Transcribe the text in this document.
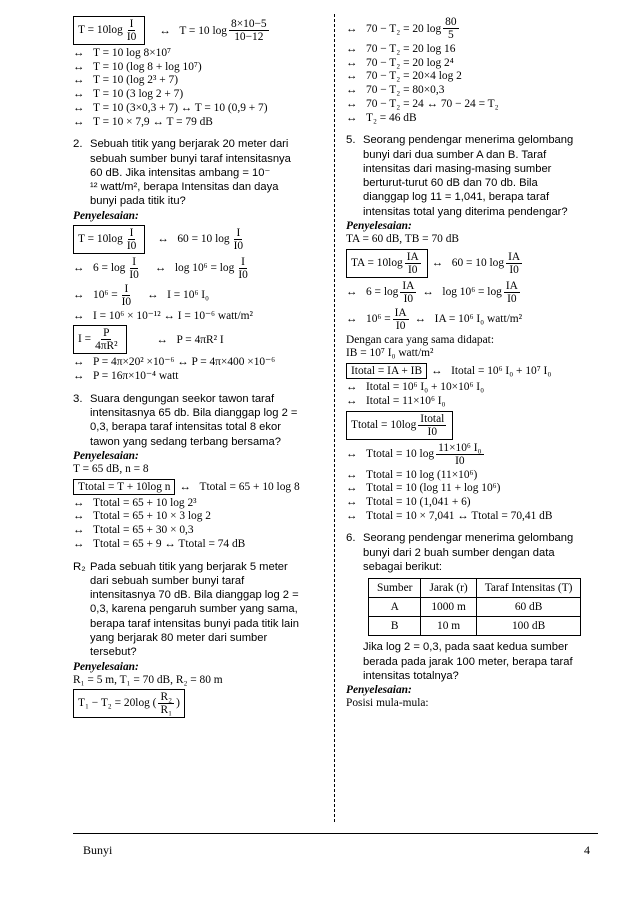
$T = 10\log \frac{I}{I0}$ ↔ T = 10 log
8×10−5
10−12
↔ T = 10 log 8×10⁷
↔ T = 10 (log 8 + log 10⁷)
↔ T = 10 (log 2³ + 7)
↔ T = 10 (3 log 2 + 7)
↔ T = 10 (3×0,3 + 7) ↔ T = 10 (0,9 + 7)
↔ T = 10 × 7,9 ↔ T = 79 dB
2. Sebuah titik yang berjarak 20 meter dari
sebuah sumber bunyi taraf intensitasnya
60 dB. Jika intensitas ambang = 10⁻
¹² watt/m², berapa Intensitas dan daya
bunyi pada titik itu?
Penyelesaian:
$T = 10\log \frac{I}{I0}$ ↔ 60 = 10 log
I
I0
↔ 6 = log
I
I0
↔ log 10⁶ = log
I
I0
↔ $10^6 = \frac{I}{I0}$ ↔ I = 10⁶ I₀
↔ I = 10⁶ × 10⁻¹² ↔ I = 10⁻⁶ watt/m²
$I = \frac{P}{\text{4πR²}}$	↔ P = 4πR² I
↔ P = 4π×20² ×10⁻⁶ ↔ P = 4π×400 ×10⁻⁶
↔ P = 16π×10⁻⁴ watt
3. Suara dengungan seekor tawon taraf
intensitasnya 65 db. Bila dianggap log 2 =
0,3, berapa taraf intensitas total 8 ekor
tawon yang sedang terbang bersama?
Penyelesaian:
T = 65 dB, n = 8
Ttotal = T + 10log n ↔ Ttotal = 65 + 10 log 8
↔ Ttotal = 65 + 10 log 2³
↔ Ttotal = 65 + 10 × 3 log 2
↔ Ttotal = 65 + 30 × 0,3
↔ Ttotal = 65 + 9 ↔ Ttotal = 74 dB
R₂ Pada sebuah titik yang berjarak 5 meter
dari sebuah sumber bunyi taraf
intensitasnya 70 dB. Bila dianggap log 2 =
0,3, karena pengaruh sumber yang sama,
berapa taraf intensitas bunyi pada titik lain
yang berjarak 80 meter dari sumber
tersebut?
Penyelesaian:
R₁ = 5 m, T₁ = 70 dB, R₂ = 80 m
T₁ − T₂ = 20log ( $\frac{\text{R₂}}{\text{R₁}}$ )
↔ 70 − T₂ = 20 log
80
5
↔ 70 − T₂ = 20 log 16
↔ 70 − T₂ = 20 log 2⁴
↔ 70 − T₂ = 20×4 log 2
↔ 70 − T₂ = 80×0,3
↔ 70 − T₂ = 24 ↔ 70 − 24 = T₂
↔ T₂ = 46 dB
5. Seorang pendengar menerima gelombang
bunyi dari dua sumber A dan B. Taraf
intensitas dari masing-masing sumber
berturut-turut 60 dB dan 70 db. Bila
dianggap log 11 = 1,041, berapa taraf
intensitas total yang diterima pendengar?
Penyelesaian:
TA = 60 dB, TB = 70 dB
TA = $10\log \frac{IA}{I0}$ ↔ 60 = 10 log
IA
I0
↔ 6 = log
IA
I0
↔ log 10⁶ = log
IA
I0
↔ $10^6 = \frac{IA}{I0}$ ↔ IA = 10⁶ I₀ watt/m²
Dengan cara yang sama didapat:
IB = 10⁷ I₀ watt/m²
Itotal = IA + IB ↔ Itotal = 10⁶ I₀ + 10⁷ I₀
↔ Itotal = 10⁶ I₀ + 10×10⁶ I₀
↔ Itotal = 11×10⁶ I₀
Ttotal = 10log
Itotal
I0
↔ Ttotal = 10 log
11×10⁶ I₀
I0
↔ Ttotal = 10 log (11×10⁶)
↔ Ttotal = 10 (log 11 + log 10⁶)
↔ Ttotal = 10 (1,041 + 6)
↔ Ttotal = 10 × 7,041 ↔ Ttotal = 70,41 dB
6. Seorang pendengar menerima gelombang
bunyi dari 2 buah sumber dengan data
sebagai berikut:
Sumber	Jarak (r)	Taraf Intensitas (T)
A	1000 m	60 dB
B	10 m	100 dB
Jika log 2 = 0,3, pada saat kedua sumber
berada pada jarak 100 meter, berapa taraf
intensitas totalnya?
Penyelesaian:
Posisi mula-mula:
Bunyi	4
